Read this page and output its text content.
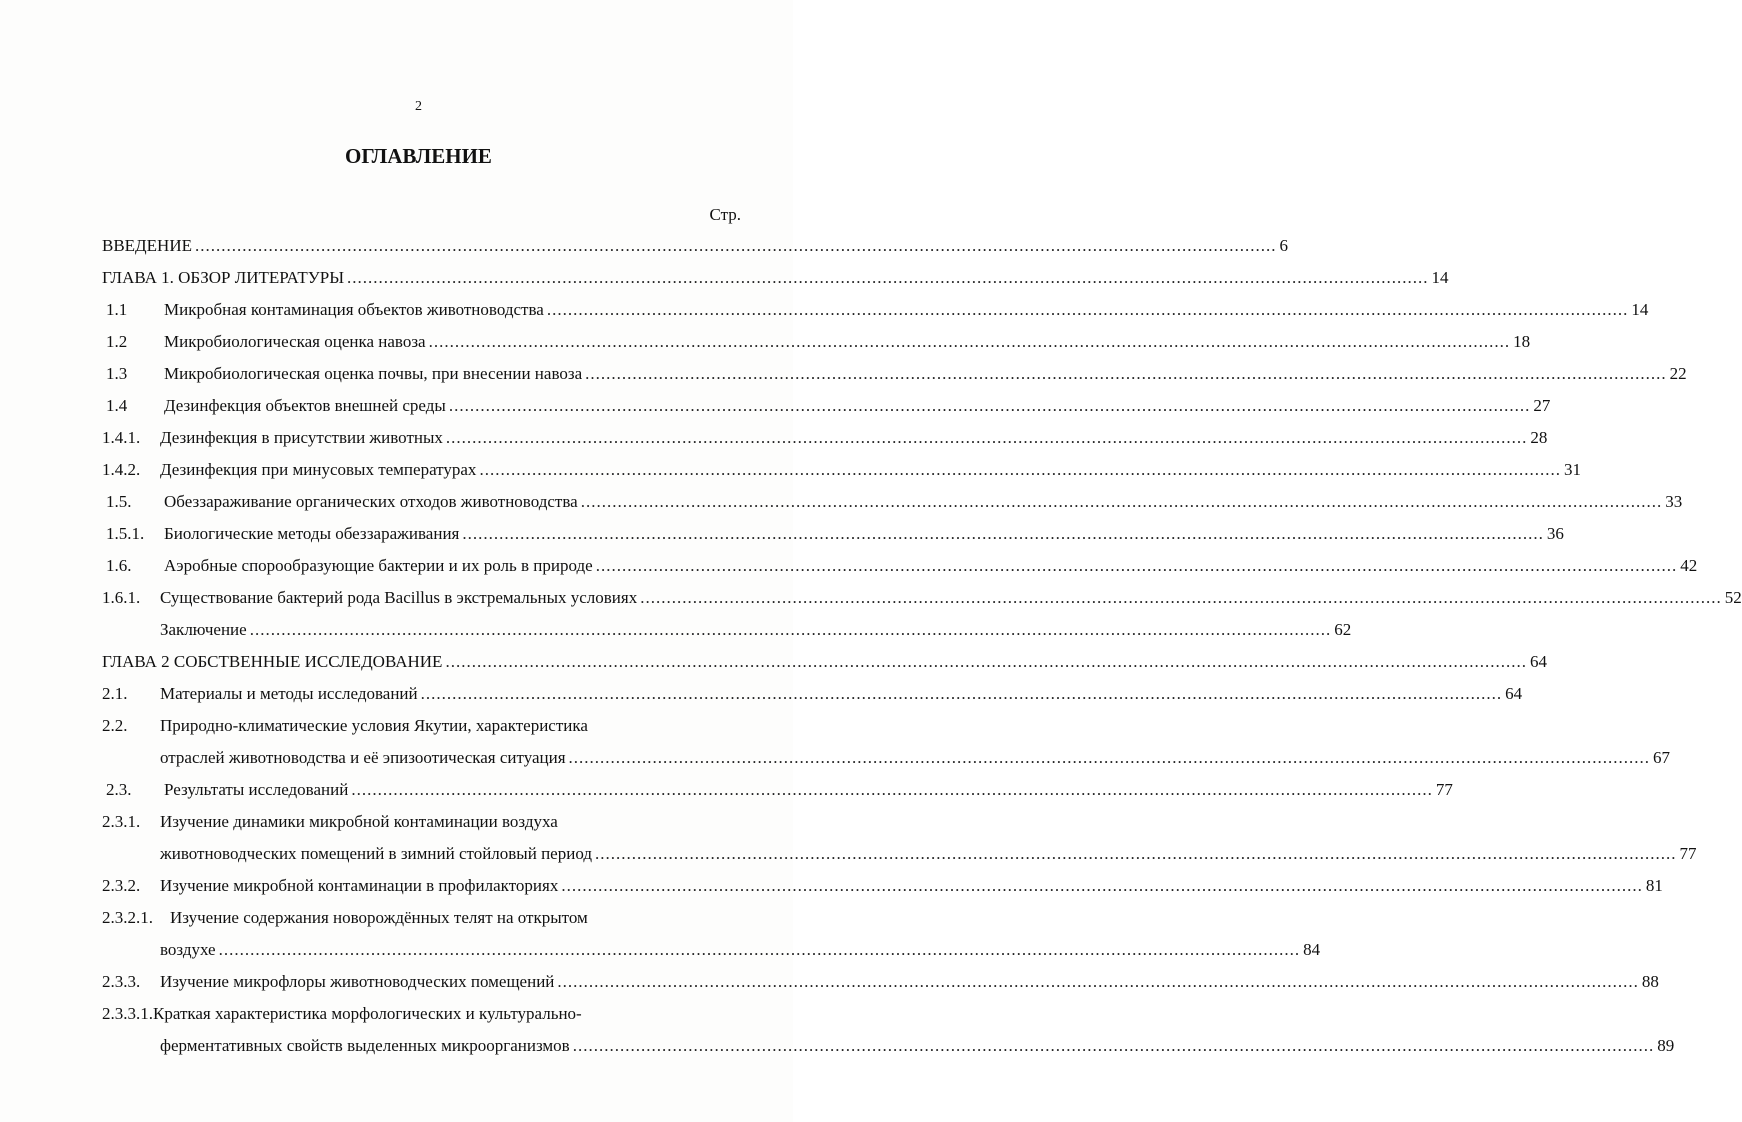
2
ОГЛАВЛЕНИЕ
Стр.
ВВЕДЕНИЕ .....	6
ГЛАВА 1. ОБЗОР ЛИТЕРАТУРЫ .....	14
1.1	Микробная контаминация объектов животноводства .....	14
1.2	Микробиологическая оценка навоза .....	18
1.3	Микробиологическая оценка почвы, при внесении навоза .....	22
1.4	Дезинфекция объектов внешней среды .....	27
1.4.1.	Дезинфекция в присутствии животных .....	28
1.4.2.	Дезинфекция при минусовых температурах .....	31
1.5.	Обеззараживание органических отходов животноводства .....	33
1.5.1.	Биологические методы обеззараживания .....	36
1.6.	Аэробные спорообразующие бактерии и их роль в природе .....	42
1.6.1.	Существование бактерий рода Bacillus в экстремальных условиях .....	52
Заключение .....	62
ГЛАВА 2 СОБСТВЕННЫЕ ИССЛЕДОВАНИЕ .....	64
2.1.	Материалы и методы исследований .....	64
2.2.	Природно-климатические условия Якутии, характеристика
отраслей животноводства и её эпизоотическая ситуация .....	67
2.3.	Результаты исследований .....	77
2.3.1.	Изучение динамики микробной контаминации воздуха
животноводческих помещений в зимний стойловый период .....	77
2.3.2.	Изучение микробной контаминации в профилакториях .....	81
2.3.2.1.	Изучение содержания новорождённых телят на открытом
воздухе .....	84
2.3.3.	Изучение микрофлоры животноводческих помещений .....	88
2.3.3.1. Краткая характеристика морфологических и культурально-
ферментативных свойств выделенных микроорганизмов .....	89
